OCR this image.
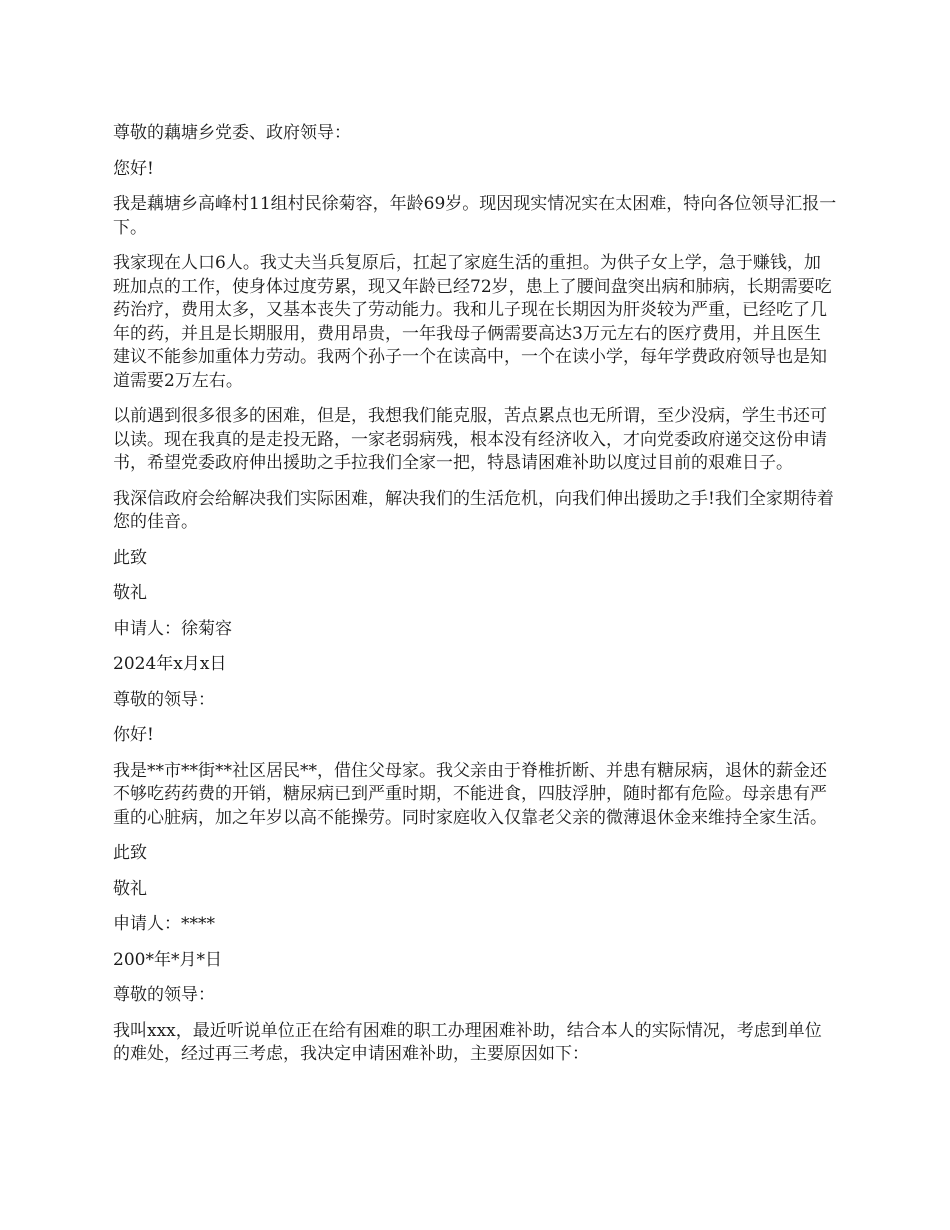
尊敬的藕塘乡党委、政府领导：

您好!

我是藕塘乡高峰村11组村民徐菊容，年龄69岁。现因现实情况实在太困难，特向各位领导汇报一下。

我家现在人口6人。我丈夫当兵复原后，扛起了家庭生活的重担。为供子女上学，急于赚钱，加班加点的工作，使身体过度劳累，现又年龄已经72岁，患上了腰间盘突出病和肺病，长期需要吃药治疗，费用太多，又基本丧失了劳动能力。我和儿子现在长期因为肝炎较为严重，已经吃了几年的药，并且是长期服用，费用昂贵，一年我母子俩需要高达3万元左右的医疗费用，并且医生建议不能参加重体力劳动。我两个孙子一个在读高中，一个在读小学，每年学费政府领导也是知道需要2万左右。

以前遇到很多很多的困难，但是，我想我们能克服，苦点累点也无所谓，至少没病，学生书还可以读。现在我真的是走投无路，一家老弱病残，根本没有经济收入，才向党委政府递交这份申请书，希望党委政府伸出援助之手拉我们全家一把，特恳请困难补助以度过目前的艰难日子。

我深信政府会给解决我们实际困难，解决我们的生活危机，向我们伸出援助之手!我们全家期待着您的佳音。

此致

敬礼

申请人：徐菊容

2024年x月x日

尊敬的领导：

你好!

我是**市**街**社区居民**，借住父母家。我父亲由于脊椎折断、并患有糖尿病，退休的薪金还不够吃药药费的开销，糖尿病已到严重时期，不能进食，四肢浮肿，随时都有危险。母亲患有严重的心脏病，加之年岁以高不能操劳。同时家庭收入仅靠老父亲的微薄退休金来维持全家生活。

此致

敬礼

申请人：****

200*年*月*日

尊敬的领导：

我叫xxx，最近听说单位正在给有困难的职工办理困难补助，结合本人的实际情况，考虑到单位的难处，经过再三考虑，我决定申请困难补助，主要原因如下：
